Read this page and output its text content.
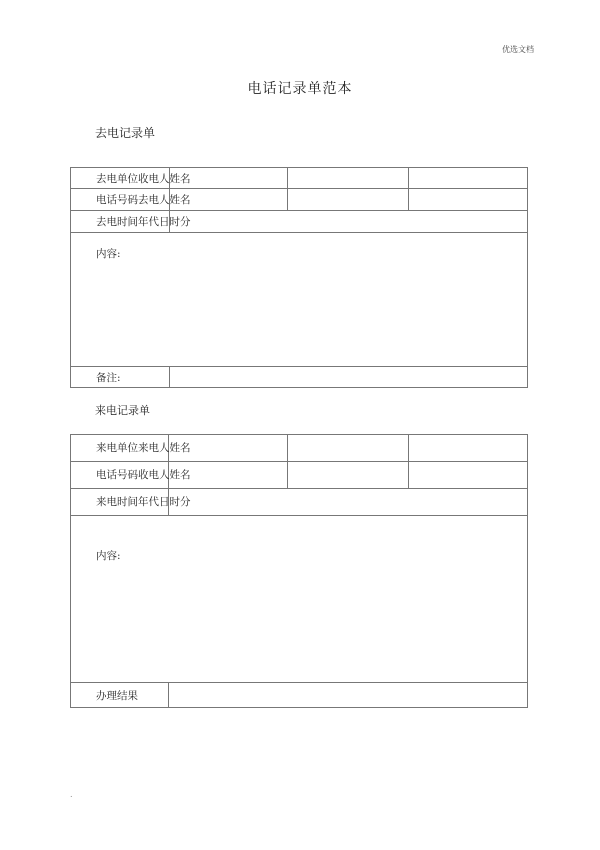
优选文档
电话记录单范本
去电记录单
去电单位收电人姓名
电话号码去电人姓名
去电时间年代日时分
内容:
备注:
来电记录单
来电单位来电人姓名
电话号码收电人姓名
来电时间年代日时分
内容:
办理结果
.
